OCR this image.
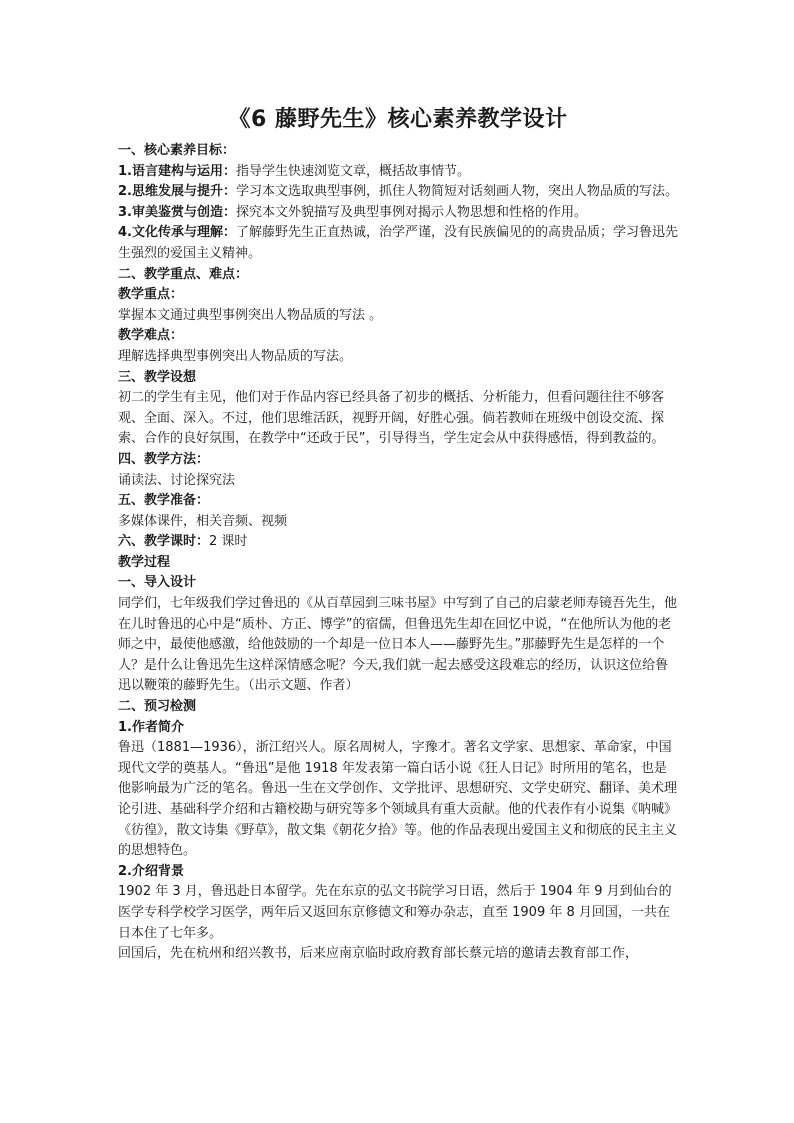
《6 藤野先生》核心素养教学设计

一、核心素养目标：

1.语言建构与运用：指导学生快速浏览文章，概括故事情节。

2.思维发展与提升：学习本文选取典型事例，抓住人物简短对话刻画人物，突出人物品质的写法。

3.审美鉴赏与创造：探究本文外貌描写及典型事例对揭示人物思想和性格的作用。

4.文化传承与理解：了解藤野先生正直热诚，治学严谨，没有民族偏见的的高贵品质；学习鲁迅先生强烈的爱国主义精神。

二、教学重点、难点：

教学重点：

掌握本文通过典型事例突出人物品质的写法 。

教学难点：

理解选择典型事例突出人物品质的写法。

三、教学设想

初二的学生有主见，他们对于作品内容已经具备了初步的概括、分析能力，但看问题往往不够客观、全面、深入。不过，他们思维活跃，视野开阔，好胜心强。倘若教师在班级中创设交流、探索、合作的良好氛围，在教学中“还政于民”，引导得当，学生定会从中获得感悟，得到教益的。

四、教学方法：

诵读法、讨论探究法

五、教学准备：

多媒体课件，相关音频、视频

六、教学课时：2 课时

教学过程

一、导入设计

同学们，七年级我们学过鲁迅的《从百草园到三味书屋》中写到了自己的启蒙老师寿镜吾先生，他在儿时鲁迅的心中是“质朴、方正、博学”的宿儒，但鲁迅先生却在回忆中说，“在他所认为他的老师之中，最使他感激，给他鼓励的一个却是一位日本人——藤野先生。”那藤野先生是怎样的一个人？是什么让鲁迅先生这样深情感念呢？今天,我们就一起去感受这段难忘的经历，认识这位给鲁迅以鞭策的藤野先生。（出示文题、作者）

二、预习检测

1.作者简介

鲁迅（1881—1936），浙江绍兴人。原名周树人，字豫才。著名文学家、思想家、革命家，中国现代文学的奠基人。“鲁迅”是他 1918 年发表第一篇白话小说《狂人日记》时所用的笔名，也是他影响最为广泛的笔名。鲁迅一生在文学创作、文学批评、思想研究、文学史研究、翻译、美术理论引进、基础科学介绍和古籍校勘与研究等多个领域具有重大贡献。他的代表作有小说集《呐喊》《彷徨》，散文诗集《野草》，散文集《朝花夕拾》等。他的作品表现出爱国主义和彻底的民主主义的思想特色。

2.介绍背景

1902 年 3 月，鲁迅赴日本留学。先在东京的弘文书院学习日语，然后于 1904 年 9 月到仙台的医学专科学校学习医学，两年后又返回东京修德文和筹办杂志，直至 1909 年 8 月回国，一共在日本住了七年多。

回国后，先在杭州和绍兴教书，后来应南京临时政府教育部长蔡元培的邀请去教育部工作，
